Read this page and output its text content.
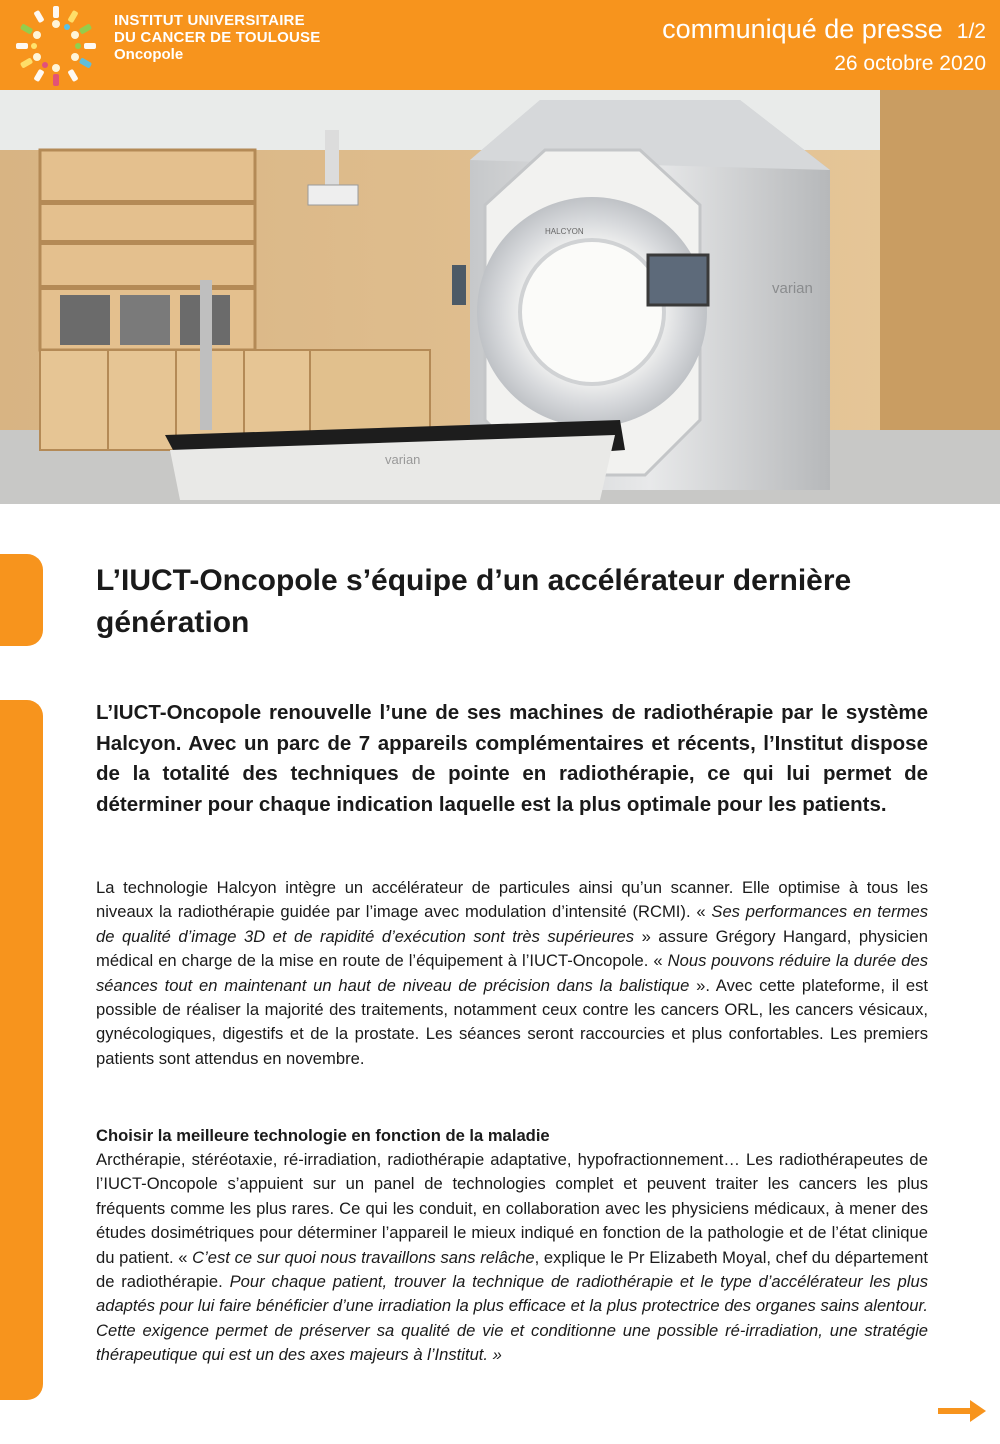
INSTITUT UNIVERSITAIRE
DU CANCER DE TOULOUSE
Oncopole
communiqué de presse 1/2
26 octobre 2020
varian
varian
HALCYON
L’IUCT-Oncopole s’équipe d’un accélérateur dernière génération
L’IUCT-Oncopole renouvelle l’une de ses machines de radiothérapie par le système Halcyon. Avec un parc de 7 appareils complémentaires et récents, l’Institut dispose de la totalité des techniques de pointe en radiothérapie, ce qui lui permet de déterminer pour chaque indication laquelle est la plus optimale pour les patients.
La technologie Halcyon intègre un accélérateur de particules ainsi qu’un scanner. Elle optimise à tous les niveaux la radiothérapie guidée par l’image avec modulation d’intensité (RCMI). « Ses performances en termes de qualité d’image 3D et de rapidité d’exécution sont très supérieures » assure Grégory Hangard, physicien médical en charge de la mise en route de l’équipement à l’IUCT-Oncopole. « Nous pouvons réduire la durée des séances tout en maintenant un haut de niveau de précision dans la balistique ». Avec cette plateforme, il est possible de réaliser la majorité des traitements, notamment ceux contre les cancers ORL, les cancers vésicaux, gynécologiques, digestifs et de la prostate. Les séances seront raccourcies et plus confortables. Les premiers patients sont attendus en novembre.
Choisir la meilleure technologie en fonction de la maladie
Arcthérapie, stéréotaxie, ré-irradiation, radiothérapie adaptative, hypofractionnement… Les radiothérapeutes de l’IUCT-Oncopole s’appuient sur un panel de technologies complet et peuvent traiter les cancers les plus fréquents comme les plus rares. Ce qui les conduit, en collaboration avec les physiciens médicaux, à mener des études dosimétriques pour déterminer l’appareil le mieux indiqué en fonction de la pathologie et de l’état clinique du patient. « C’est ce sur quoi nous travaillons sans relâche, explique le Pr Elizabeth Moyal, chef du département de radiothérapie. Pour chaque patient, trouver la technique de radiothérapie et le type d’accélérateur les plus adaptés pour lui faire bénéficier d’une irradiation la plus efficace et la plus protectrice des organes sains alentour. Cette exigence permet de préserver sa qualité de vie et conditionne une possible ré-irradiation, une stratégie thérapeutique qui est un des axes majeurs à l’Institut. »
